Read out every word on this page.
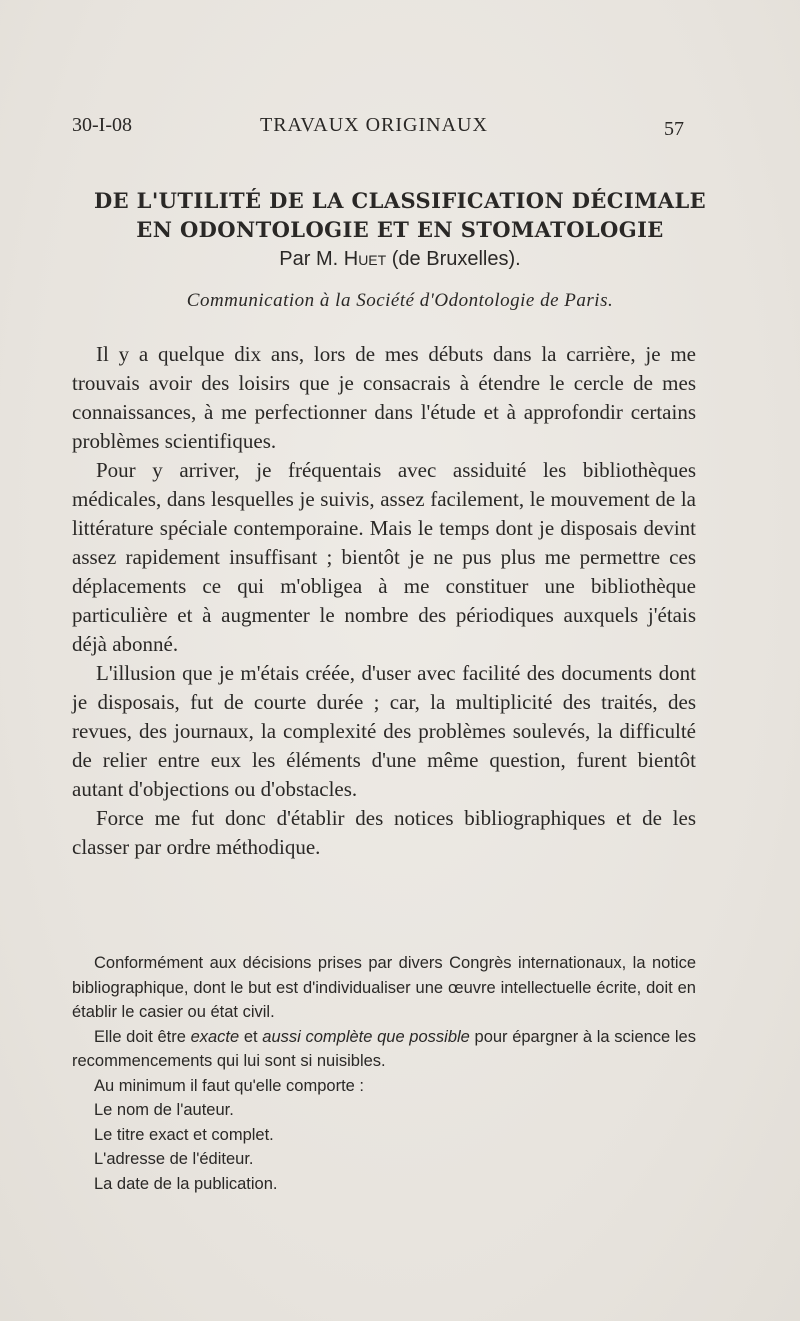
30-I-08	TRAVAUX ORIGINAUX	57
DE L'UTILITÉ DE LA CLASSIFICATION DÉCIMALE
EN ODONTOLOGIE ET EN STOMATOLOGIE
Par M. Huet (de Bruxelles).
Communication à la Société d'Odontologie de Paris.

Il y a quelque dix ans, lors de mes débuts dans la carrière, je me trouvais avoir des loisirs que je consacrais à étendre le cercle de mes connaissances, à me perfectionner dans l'étude et à approfondir certains problèmes scientifiques.

Pour y arriver, je fréquentais avec assiduité les bibliothèques médicales, dans lesquelles je suivis, assez facilement, le mouvement de la littérature spéciale contemporaine. Mais le temps dont je disposais devint assez rapidement insuffisant ; bientôt je ne pus plus me permettre ces déplacements ce qui m'obligea à me constituer une bibliothèque particulière et à augmenter le nombre des périodiques auxquels j'étais déjà abonné.

L'illusion que je m'étais créée, d'user avec facilité des documents dont je disposais, fut de courte durée ; car, la multiplicité des traités, des revues, des journaux, la complexité des problèmes soulevés, la difficulté de relier entre eux les éléments d'une même question, furent bientôt autant d'objections ou d'obstacles.

Force me fut donc d'établir des notices bibliographiques et de les classer par ordre méthodique.

Conformément aux décisions prises par divers Congrès internationaux, la notice bibliographique, dont le but est d'individualiser une œuvre intellectuelle écrite, doit en établir le casier ou état civil.

Elle doit être exacte et aussi complète que possible pour épargner à la science les recommencements qui lui sont si nuisibles.

Au minimum il faut qu'elle comporte :
Le nom de l'auteur.
Le titre exact et complet.
L'adresse de l'éditeur.
La date de la publication.
